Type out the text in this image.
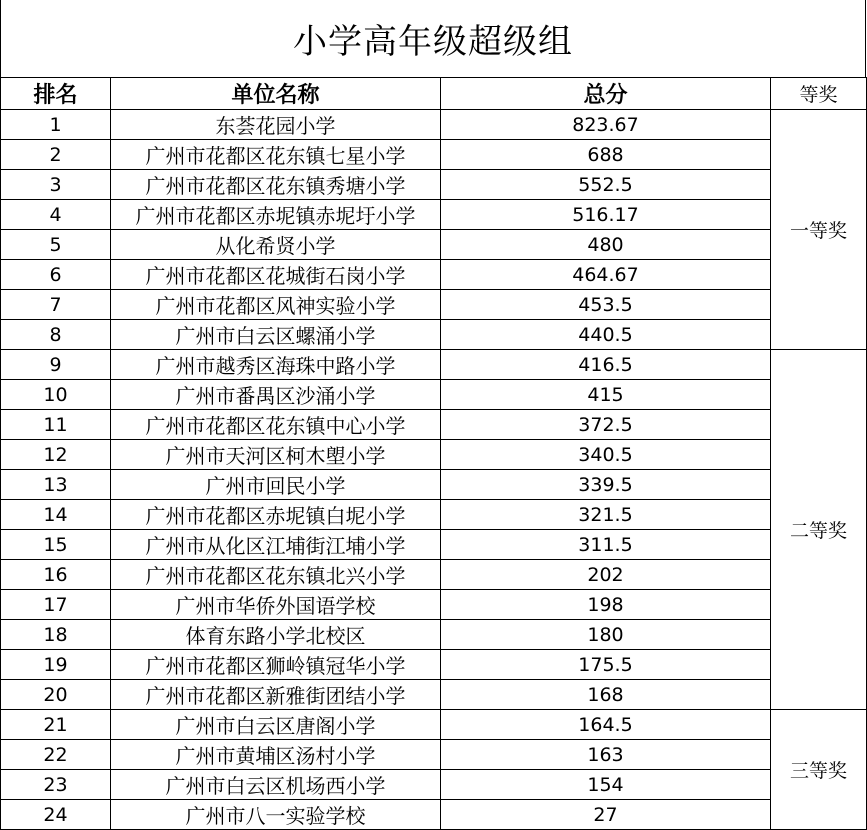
小学高年级超级组
排名	单位名称	总分	等奖
1	东荟花园小学	823.67	一等奖
2	广州市花都区花东镇七星小学	688	
3	广州市花都区花东镇秀塘小学	552.5	
4	广州市花都区赤坭镇赤坭圩小学	516.17	
5	从化希贤小学	480	
6	广州市花都区花城街石岗小学	464.67	
7	广州市花都区风神实验小学	453.5	
8	广州市白云区螺涌小学	440.5	
9	广州市越秀区海珠中路小学	416.5	二等奖
10	广州市番禺区沙涌小学	415	
11	广州市花都区花东镇中心小学	372.5	
12	广州市天河区柯木塱小学	340.5	
13	广州市回民小学	339.5	
14	广州市花都区赤坭镇白坭小学	321.5	
15	广州市从化区江埔街江埔小学	311.5	
16	广州市花都区花东镇北兴小学	202	
17	广州市华侨外国语学校	198	
18	体育东路小学北校区	180	
19	广州市花都区狮岭镇冠华小学	175.5	
20	广州市花都区新雅街团结小学	168	
21	广州市白云区唐阁小学	164.5	三等奖
22	广州市黄埔区汤村小学	163	
23	广州市白云区机场西小学	154	
24	广州市八一实验学校	27	
